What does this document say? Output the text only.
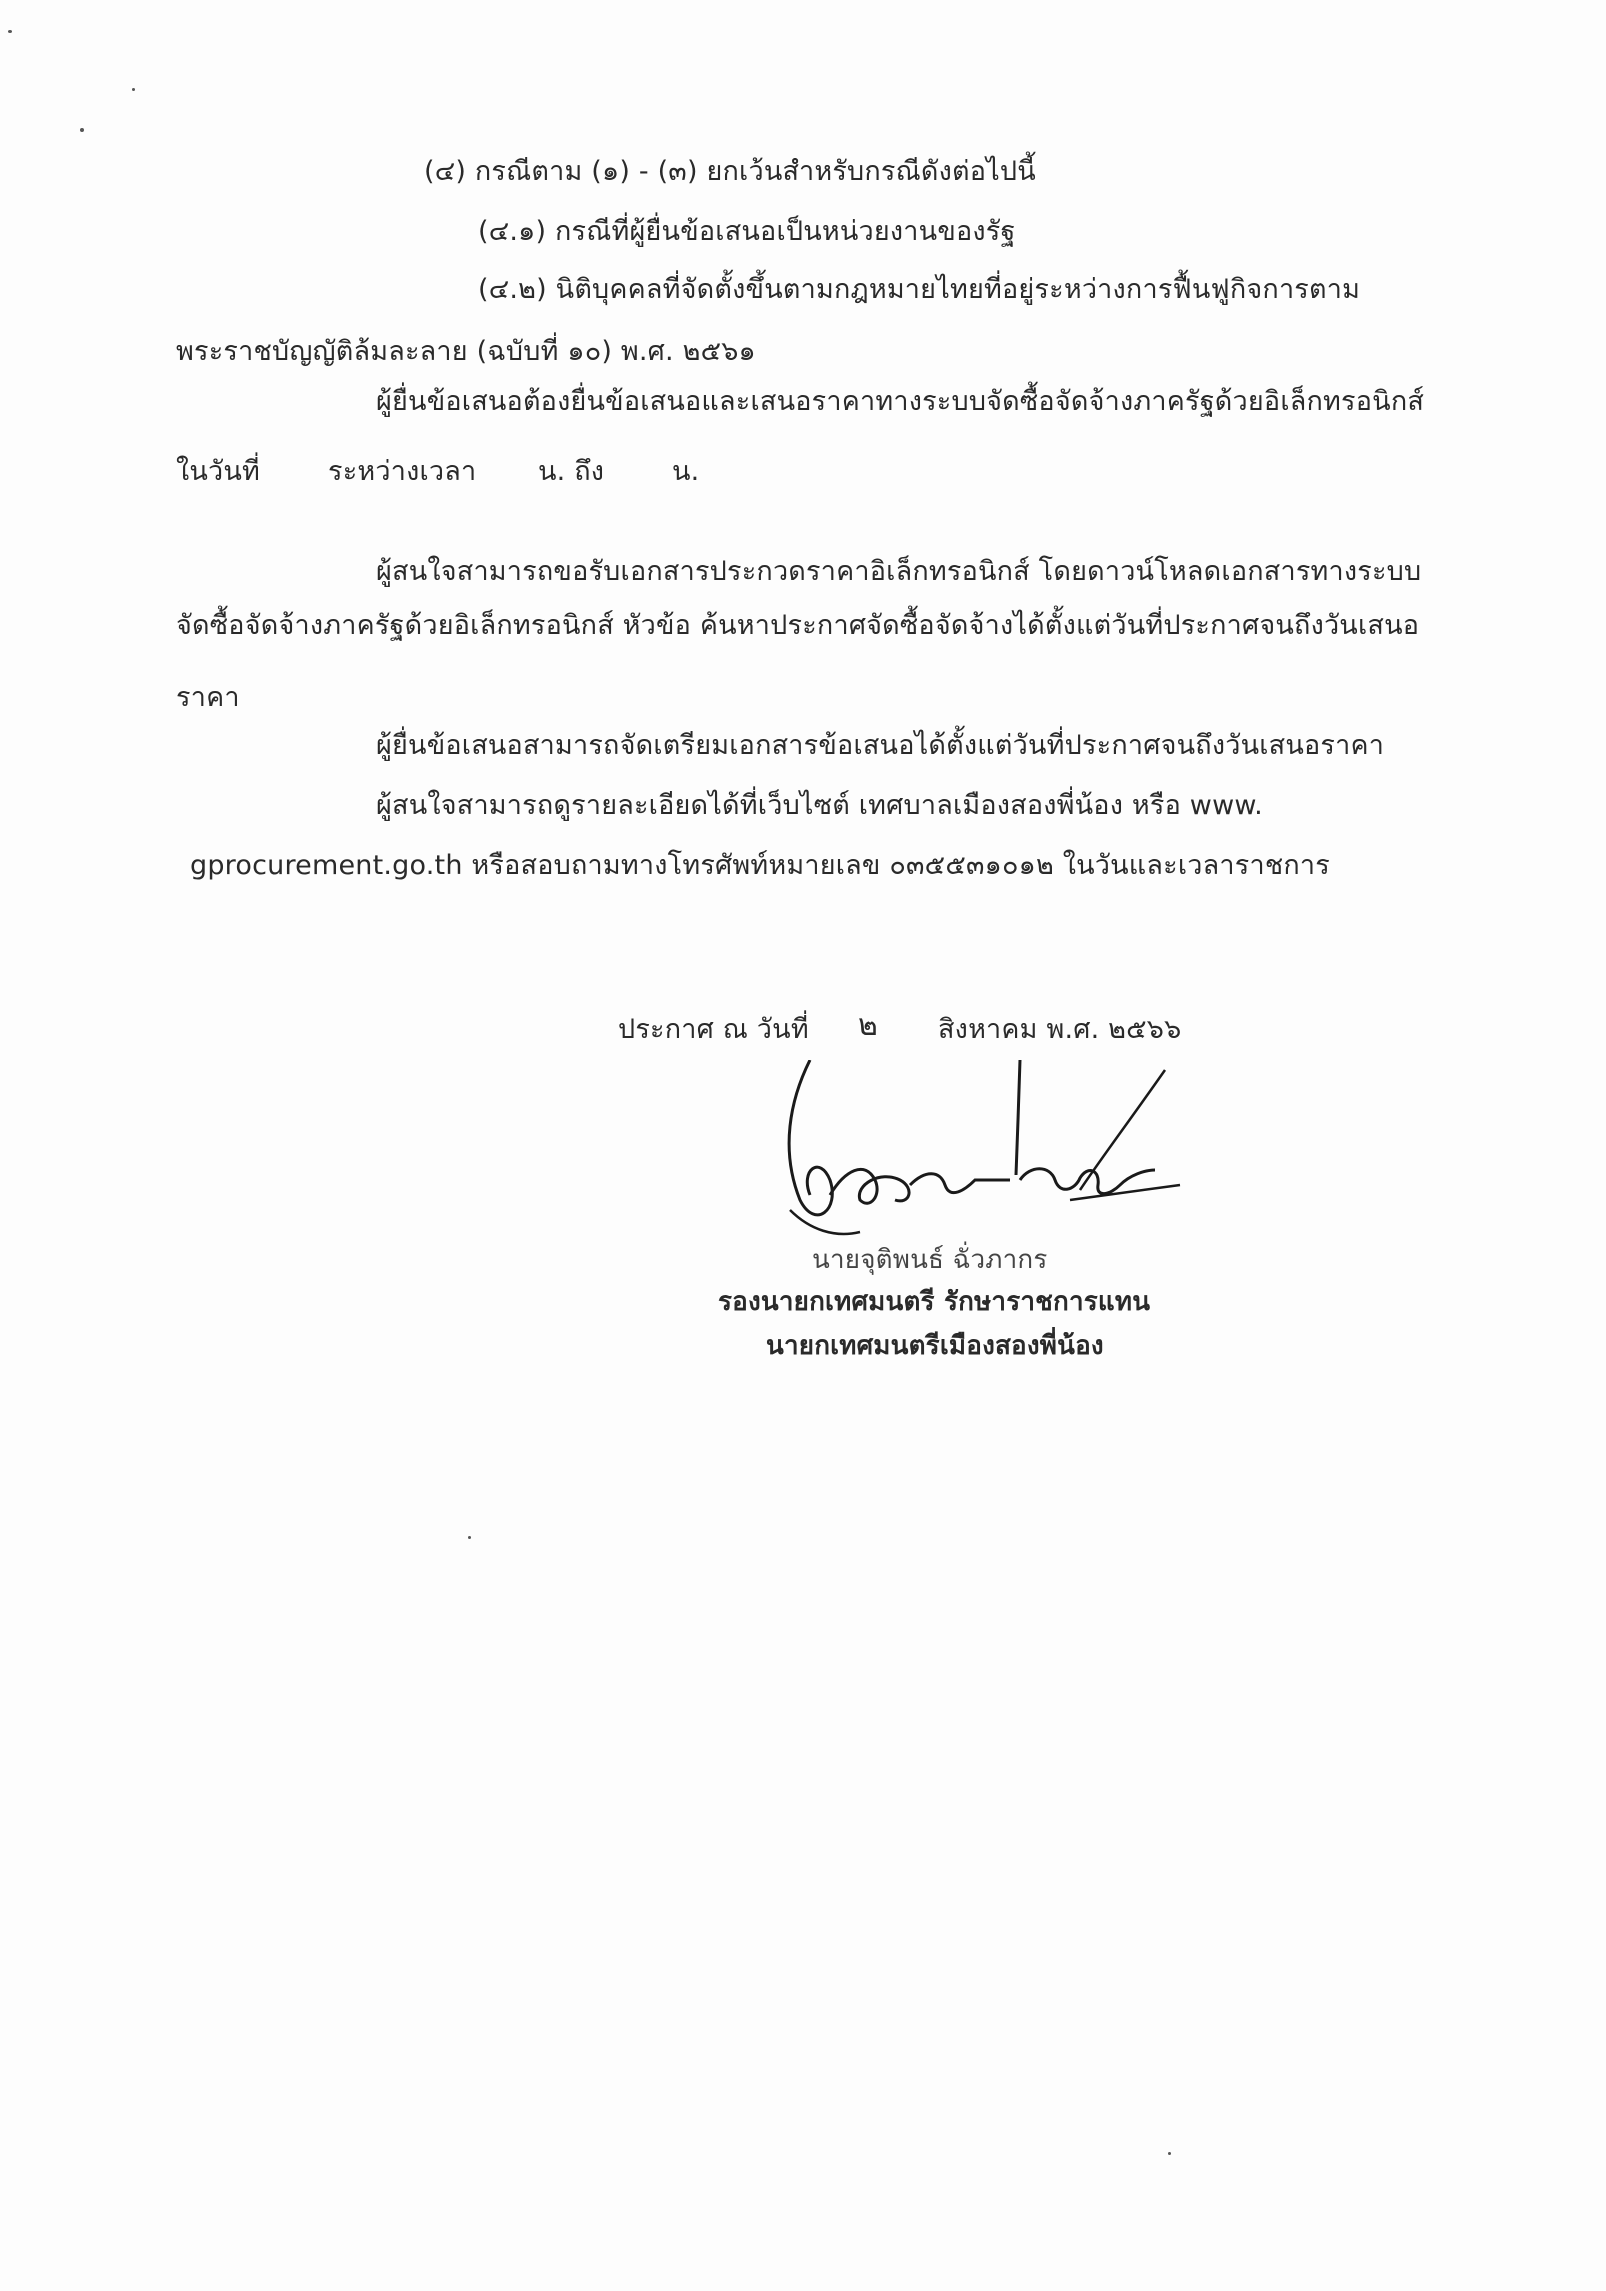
(๔) กรณีตาม (๑) - (๓) ยกเว้นสำหรับกรณีดังต่อไปนี้
(๔.๑) กรณีที่ผู้ยื่นข้อเสนอเป็นหน่วยงานของรัฐ
(๔.๒) นิติบุคคลที่จัดตั้งขึ้นตามกฎหมายไทยที่อยู่ระหว่างการฟื้นฟูกิจการตาม
พระราชบัญญัติล้มละลาย (ฉบับที่ ๑๐) พ.ศ. ๒๕๖๑
ผู้ยื่นข้อเสนอต้องยื่นข้อเสนอและเสนอราคาทางระบบจัดซื้อจัดจ้างภาครัฐด้วยอิเล็กทรอนิกส์
ในวันที่	ระหว่างเวลา น. ถึง	น.
ผู้สนใจสามารถขอรับเอกสารประกวดราคาอิเล็กทรอนิกส์ โดยดาวน์โหลดเอกสารทางระบบ
จัดซื้อจัดจ้างภาครัฐด้วยอิเล็กทรอนิกส์ หัวข้อ ค้นหาประกาศจัดซื้อจัดจ้างได้ตั้งแต่วันที่ประกาศจนถึงวันเสนอ
ราคา
ผู้ยื่นข้อเสนอสามารถจัดเตรียมเอกสารข้อเสนอได้ตั้งแต่วันที่ประกาศจนถึงวันเสนอราคา
ผู้สนใจสามารถดูรายละเอียดได้ที่เว็บไซต์ เทศบาลเมืองสองพี่น้อง หรือ www.
gprocurement.go.th หรือสอบถามทางโทรศัพท์หมายเลข ๐๓๕๕๓๑๐๑๒ ในวันและเวลาราชการ
ประกาศ ณ วันที่ ๒ สิงหาคม พ.ศ. ๒๕๖๖
นายจุติพนธ์ ฉั่วภากร
รองนายกเทศมนตรี รักษาราชการแทน
นายกเทศมนตรีเมืองสองพี่น้อง
